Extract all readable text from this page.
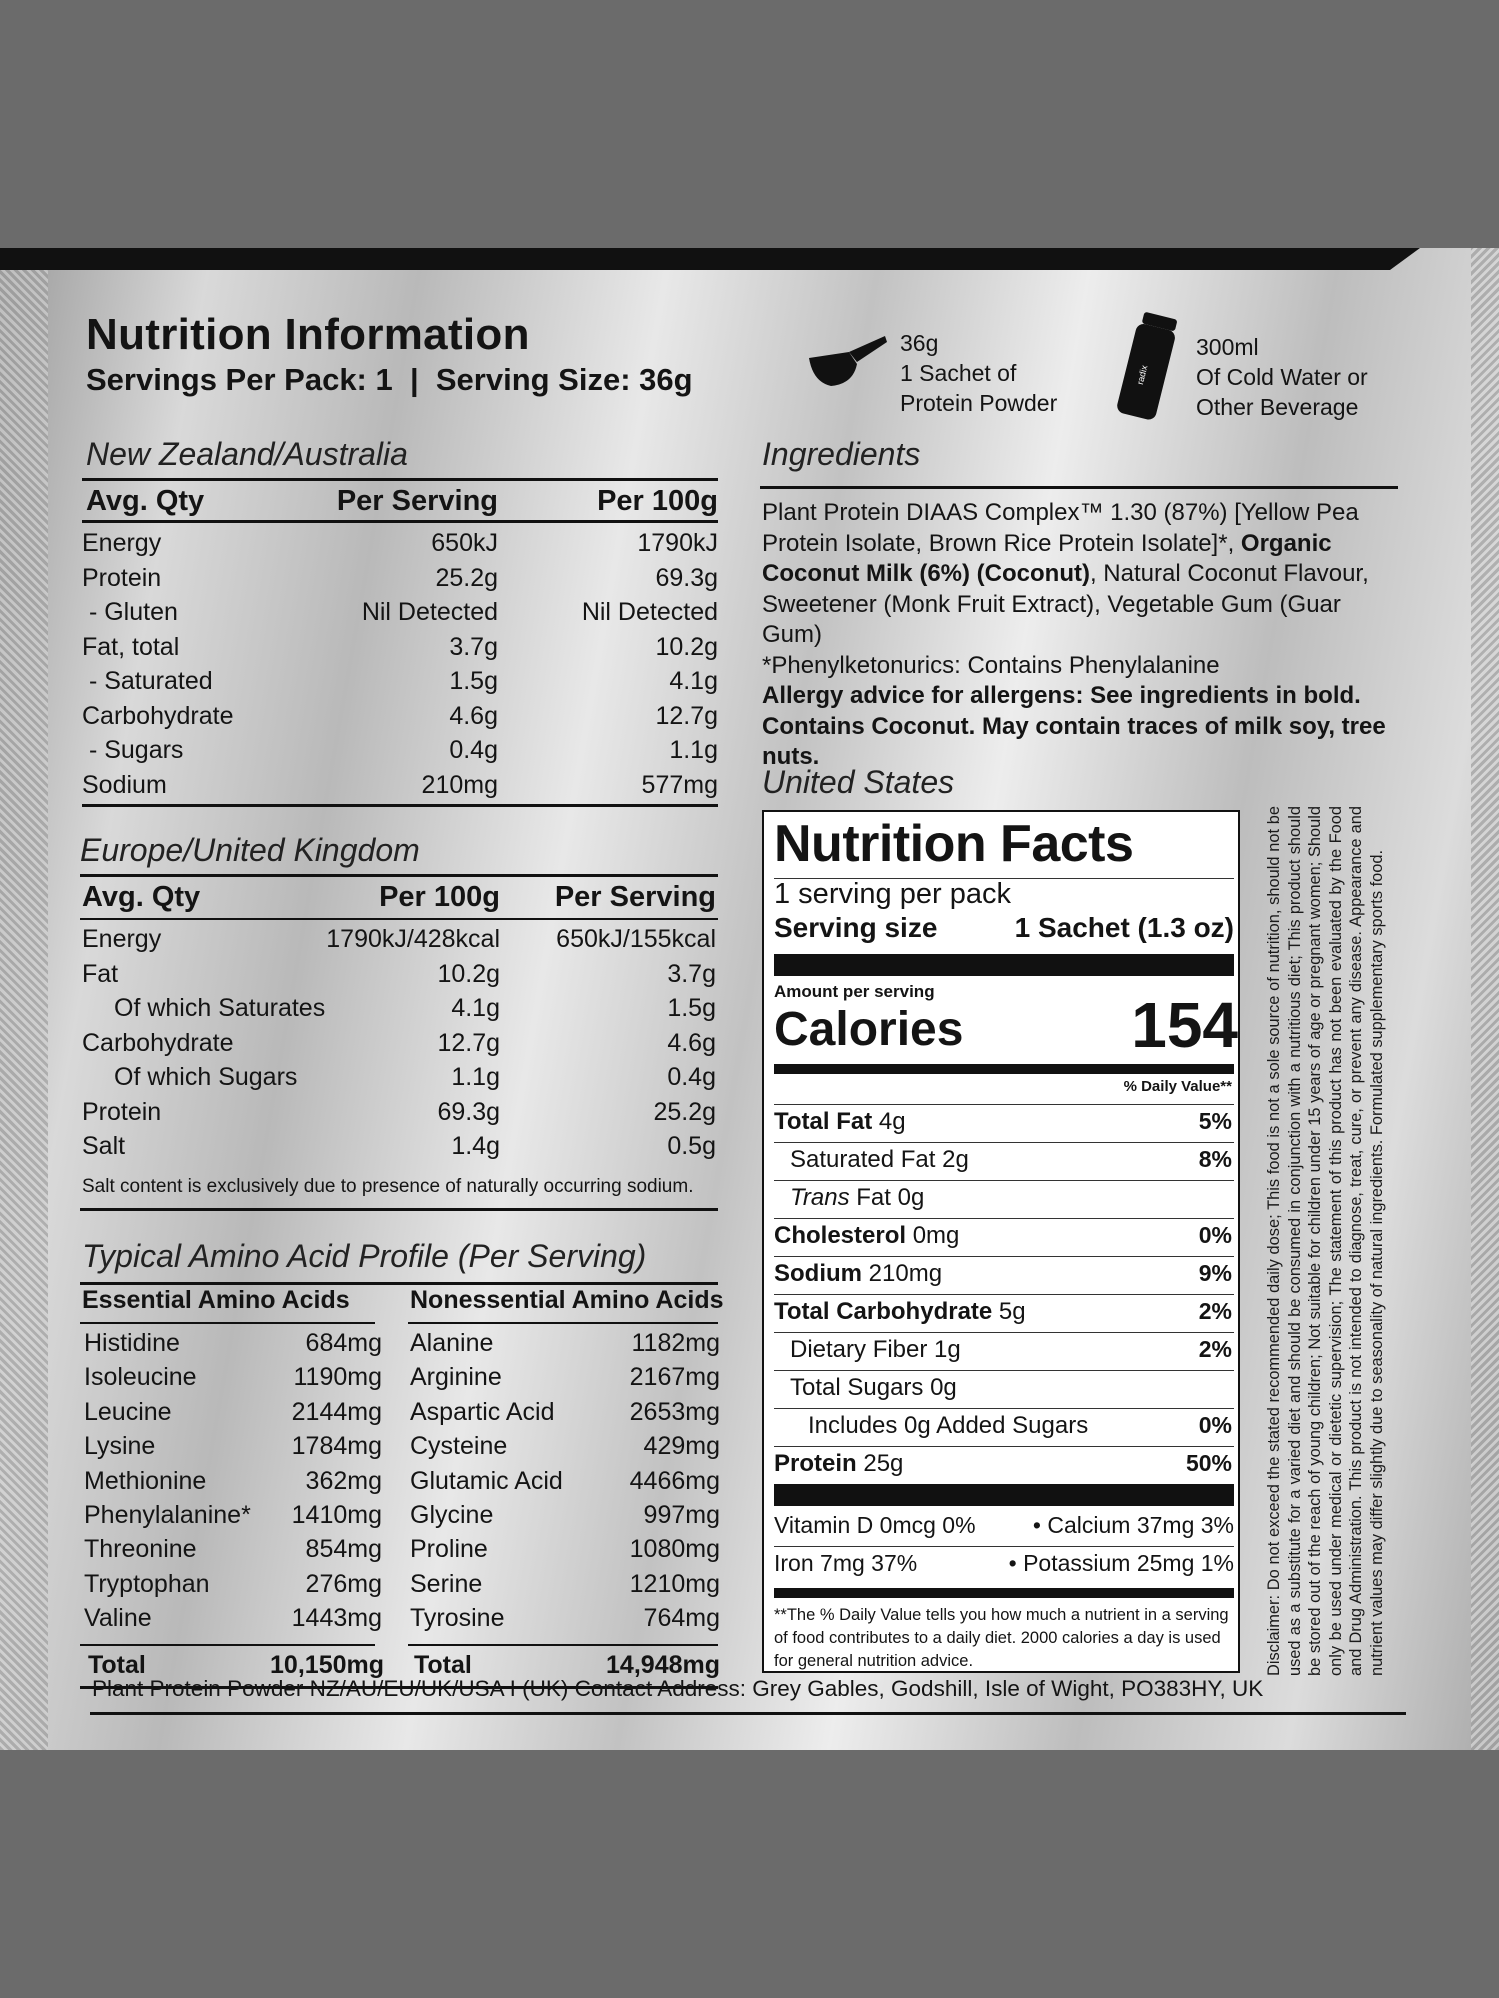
Nutrition Information
Servings Per Pack: 1  |  Serving Size: 36g
36g
1 Sachet of
Protein Powder
radix
300ml
Of Cold Water or
Other Beverage
New Zealand/Australia
Avg. Qty	Per Serving	Per 100g
Energy	650kJ	1790kJ
Protein	25.2g	69.3g
- Gluten	Nil Detected	Nil Detected
Fat, total	3.7g	10.2g
- Saturated	1.5g	4.1g
Carbohydrate	4.6g	12.7g
- Sugars	0.4g	1.1g
Sodium	210mg	577mg
Europe/United Kingdom
Avg. Qty	Per 100g	Per Serving
Energy	1790kJ/428kcal	650kJ/155kcal
Fat	10.2g	3.7g
Of which Saturates	4.1g	1.5g
Carbohydrate	12.7g	4.6g
Of which Sugars	1.1g	0.4g
Protein	69.3g	25.2g
Salt	1.4g	0.5g
Salt content is exclusively due to presence of naturally occurring sodium.
Typical Amino Acid Profile (Per Serving)
Essential Amino Acids Nonessential Amino Acids
Histidine	684mg
Isoleucine	1190mg
Leucine	2144mg
Lysine	1784mg
Methionine	362mg
Phenylalanine*	1410mg
Threonine	854mg
Tryptophan	276mg
Valine	1443mg
Alanine	1182mg
Arginine	2167mg
Aspartic Acid	2653mg
Cysteine	429mg
Glutamic Acid	4466mg
Glycine	997mg
Proline	1080mg
Serine	1210mg
Tyrosine	764mg
Total	10,150mg Total	14,948mg
Ingredients
Plant Protein DIAAS Complex™ 1.30 (87%) [Yellow Pea Protein Isolate, Brown Rice Protein Isolate]*, Organic Coconut Milk (6%) (Coconut), Natural Coconut Flavour, Sweetener (Monk Fruit Extract), Vegetable Gum (Guar Gum)
*Phenylketonurics: Contains Phenylalanine
Allergy advice for allergens: See ingredients in bold. Contains Coconut. May contain traces of milk soy, tree nuts.
United States
Nutrition Facts
1 serving per pack
Serving size	1 Sachet (1.3 oz)
Amount per serving
Calories	154
% Daily Value**
Total Fat 4g	5%
Saturated Fat 2g	8%
Trans Fat 0g
Cholesterol 0mg	0%
Sodium 210mg	9%
Total Carbohydrate 5g	2%
Dietary Fiber 1g	2%
Total Sugars 0g
Includes 0g Added Sugars	0%
Protein 25g	50%
Vitamin D 0mcg 0%	• Calcium 37mg 3%
Iron 7mg 37%	• Potassium 25mg 1%
**The % Daily Value tells you how much a nutrient in a serving of food contributes to a daily diet. 2000 calories a day is used for general nutrition advice.	Disclaimer: Do not exceed the stated recommended daily dose; This food is not a sole source of nutrition, should not be used as a substitute for a varied diet and should be consumed in conjunction with a nutritious diet; This product should be stored out of the reach of young children; Not suitable for children under 15 years of age or pregnant women; Should only be used under medical or dietetic supervision; The statement of this product has not been evaluated by the Food and Drug Administration. This product is not intended to diagnose, treat, cure, or prevent any disease. Appearance and nutrient values may differ slightly due to seasonality of natural ingredients. Formulated supplementary sports food.
Plant Protein Powder NZ/AU/EU/UK/USA I (UK) Contact Address: Grey Gables, Godshill, Isle of Wight, PO383HY, UK
